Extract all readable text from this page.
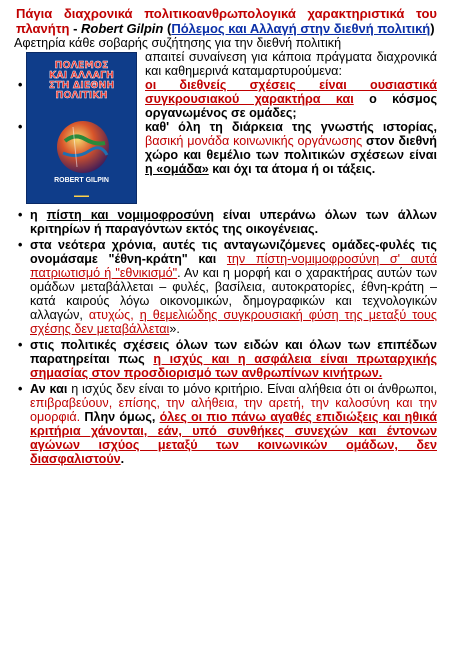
Πάγια διαχρονικά πολιτικοανθρωπολογικά χαρακτηριστικά του πλανήτη - Robert Gilpin (Πόλεμος και Αλλαγή στην διεθνή πολιτική)
Αφετηρία κάθε σοβαρής συζήτησης για την διεθνή πολιτική
ΠΟΛΕΜΟΣ
ΚΑΙ ΑΛΛΑΓΗ
ΣΤΗ ΔΙΕΘΝΗ
ΠΟΛΙΤΙΚΗ
ROBERT GILPIN
▬▬▬
απαιτεί συναίνεση για κάποια πράγματα διαχρονικά και καθημερινά καταμαρτυρούμενα:
• οι διεθνείς σχέσεις είναι ουσιαστικά συγκρουσιακού χαρακτήρα και ο κόσμος οργανωμένος σε ομάδες;
• καθ' όλη τη διάρκεια της γνωστής ιστορίας, βασική μονάδα κοινωνικής οργάνωσης στον διεθνή χώρο και θεμέλιο των πολιτικών σχέσεων είναι η «ομάδα» και όχι τα άτομα ή οι τάξεις.
• η πίστη και νομιμοφροσύνη είναι υπεράνω όλων των άλλων κριτηρίων ή παραγόντων εκτός της οικογένειας.
• στα νεότερα χρόνια, αυτές τις ανταγωνιζόμενες ομάδες-φυλές τις ονομάσαμε "έθνη-κράτη" και την πίστη-νομιμοφροσύνη σ' αυτά πατριωτισμό ή "εθνικισμό". Αν και η μορφή και ο χαρακτήρας αυτών των ομάδων μεταβάλλεται – φυλές, βασίλεια, αυτοκρατορίες, έθνη-κράτη – κατά καιρούς λόγω οικονομικών, δημογραφικών και τεχνολογικών αλλαγών, ατυχώς, η θεμελιώδης συγκρουσιακή φύση της μεταξύ τους σχέσης δεν μεταβάλλεται».
• στις πολιτικές σχέσεις όλων των ειδών και όλων των επιπέδων παρατηρείται πως η ισχύς και η ασφάλεια είναι πρωταρχικής σημασίας στον προσδιορισμό των ανθρωπίνων κινήτρων.
• Αν και η ισχύς δεν είναι το μόνο κριτήριο. Είναι αλήθεια ότι οι άνθρωποι, επιβραβεύουν, επίσης, την αλήθεια, την αρετή, την καλοσύνη και την ομορφιά. Πλην όμως, όλες οι πιο πάνω αγαθές επιδιώξεις και ηθικά κριτήρια χάνονται, εάν, υπό συνθήκες συνεχών και έντονων αγώνων ισχύος μεταξύ των κοινωνικών ομάδων, δεν διασφαλιστούν.
